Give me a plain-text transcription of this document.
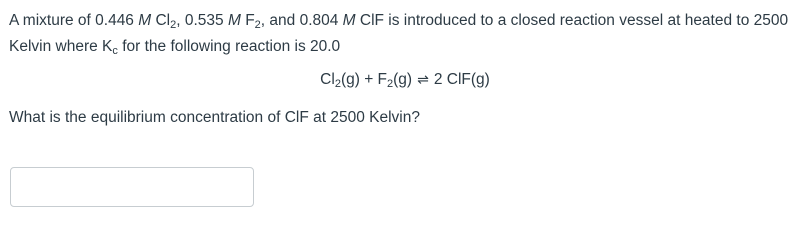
A mixture of 0.446 M $Cl_2$, 0.535 M $F_2$, and 0.804 M ClF is introduced to a closed reaction vessel at heated to 2500 Kelvin where $K_c$ for the following reaction is 20.0

$Cl_2(g) + F_2(g)$ ⇌ 2 ClF(g)

What is the equilibrium concentration of ClF at 2500 Kelvin?
